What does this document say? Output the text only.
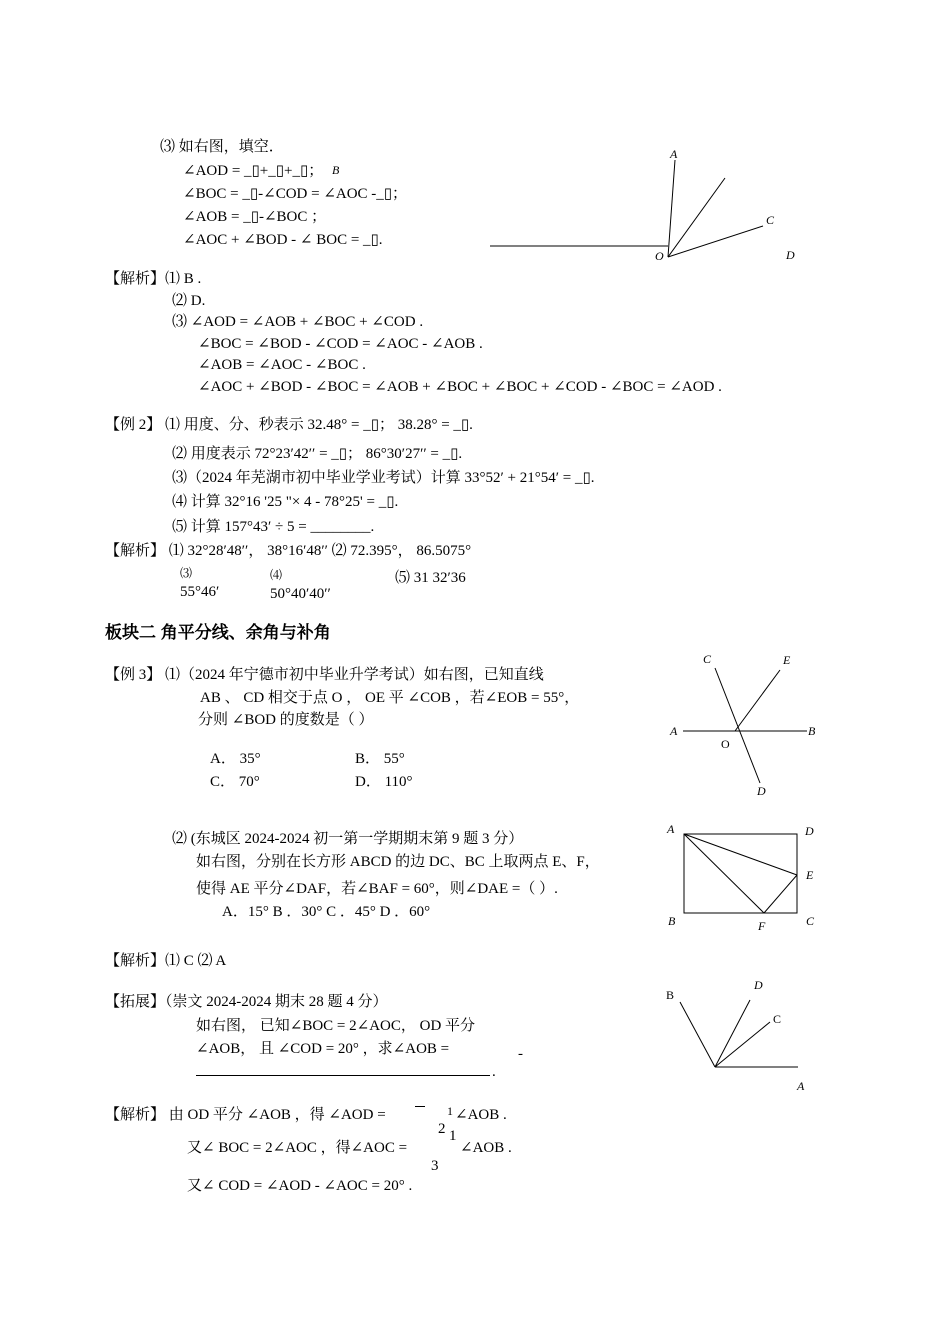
⑶ 如右图，填空．
∠AOD = _▯+_▯+_▯；
∠BOC = _▯-∠COD = ∠AOC -_▯；
∠AOB = _▯-∠BOC ；
∠AOC + ∠BOD - ∠ BOC = _▯.
【解析】⑴ B .
⑵ D.
⑶ ∠AOD = ∠AOB + ∠BOC + ∠COD .
∠BOC = ∠BOD - ∠COD = ∠AOC - ∠AOB .
∠AOB = ∠AOC - ∠BOC .
∠AOC + ∠BOD - ∠BOC = ∠AOB + ∠BOC + ∠BOC + ∠COD - ∠BOC = ∠AOD .
【例 2】 ⑴ 用度、分、秒表示 32.48° = _▯； 38.28° = _▯.
⑵ 用度表示 72°23′42′′ = _▯； 86°30′27′′ = _▯.
⑶（2024 年芜湖市初中毕业学业考试）计算 33°52′ + 21°54′ = _▯.
⑷ 计算 32°16 '25 "× 4 - 78°25' = _▯.
⑸ 计算 157°43′ ÷ 5 = ________.
【解析】 ⑴ 32°28′48′′， 38°16′48′′ ⑵ 72.395°， 86.5075°
⑶
55°46′
⑷
50°40′40′′
⑸ 31 32′36
【例 3】 ⑴（2024 年宁德市初中毕业升学考试）如右图，已知直线
AB 、 CD 相交于点 O ， OE 平 ∠COB ，若∠EOB = 55°，
分则 ∠BOD 的度数是（ ）
A． 35°	B． 55°
C． 70°	D． 110°
⑵ (东城区 2024-2024 初一第一学期期末第 9 题 3 分）
如右图，分别在长方形 ABCD 的边 DC、BC 上取两点 E、F，
使得 AE 平分∠DAF，若∠BAF = 60°，则∠DAE =（ ）.
A．15° B ．30° C ．45° D ．60°
【解析】⑴ C ⑵ A
【拓展】（崇文 2024-2024 期末 28 题 4 分）
如右图， 已知∠BOC = 2∠AOC， OD 平分
∠AOB， 且 ∠COD = 20° ，求∠AOB =	-
.
【解析】 由 OD 平分 ∠AOB ，得 ∠AOD =	1
2
∠AOB .
又∠ BOC = 2∠AOC ，得∠AOC =
1
∠AOB .
3
又∠ COD = ∠AOD - ∠AOC = 20° .
板块二 角平分线、余角与补角
A
C
O	D
B
C	E
A	B
O
D
A	D
E
B	F	C
B
D
C
A
